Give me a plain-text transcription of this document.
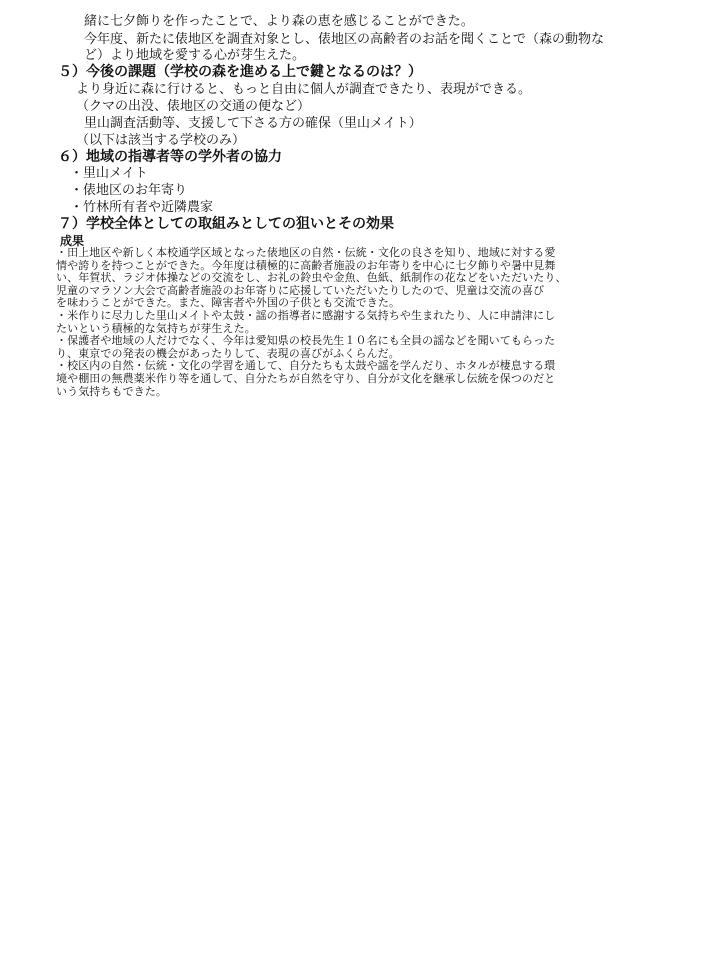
緒に七夕飾りを作ったことで、より森の恵を感じることができた。
今年度、新たに俵地区を調査対象とし、俵地区の高齢者のお話を聞くことで（森の動物な
ど）より地域を愛する心が芽生えた。
５）今後の課題（学校の森を進める上で鍵となるのは？）
より身近に森に行けると、もっと自由に個人が調査できたり、表現ができる。
（クマの出没、俵地区の交通の便など）
里山調査活動等、支援して下さる方の確保（里山メイト）
（以下は該当する学校のみ）
６）地域の指導者等の学外者の協力
・里山メイト
・俵地区のお年寄り
・竹林所有者や近隣農家
７）学校全体としての取組みとしての狙いとその効果
成果
・田上地区や新しく本校通学区域となった俵地区の自然・伝統・文化の良さを知り、地域に対する愛
情や誇りを持つことができた。今年度は積極的に高齢者施設のお年寄りを中心に七夕飾りや暑中見舞
い、年賀状、ラジオ体操などの交流をし、お礼の鈴虫や金魚、色紙、紙制作の花などをいただいたり、
児童のマラソン大会で高齢者施設のお年寄りに応援していただいたりしたので、児童は交流の喜び
を味わうことができた。また、障害者や外国の子供とも交流できた。
・米作りに尽力した里山メイトや太鼓・謡の指導者に感謝する気持ちや生まれたり、人に申請津にし
たいという積極的な気持ちが芽生えた。
・保護者や地域の人だけでなく、今年は愛知県の校長先生１０名にも全員の謡などを聞いてもらった
り、東京での発表の機会があったりして、表現の喜びがふくらんだ。
・校区内の自然・伝統・文化の学習を通して、自分たちも太鼓や謡を学んだり、ホタルが棲息する環
境や棚田の無農薬米作り等を通して、自分たちが自然を守り、自分が文化を継承し伝統を保つのだと
いう気持ちもできた。
